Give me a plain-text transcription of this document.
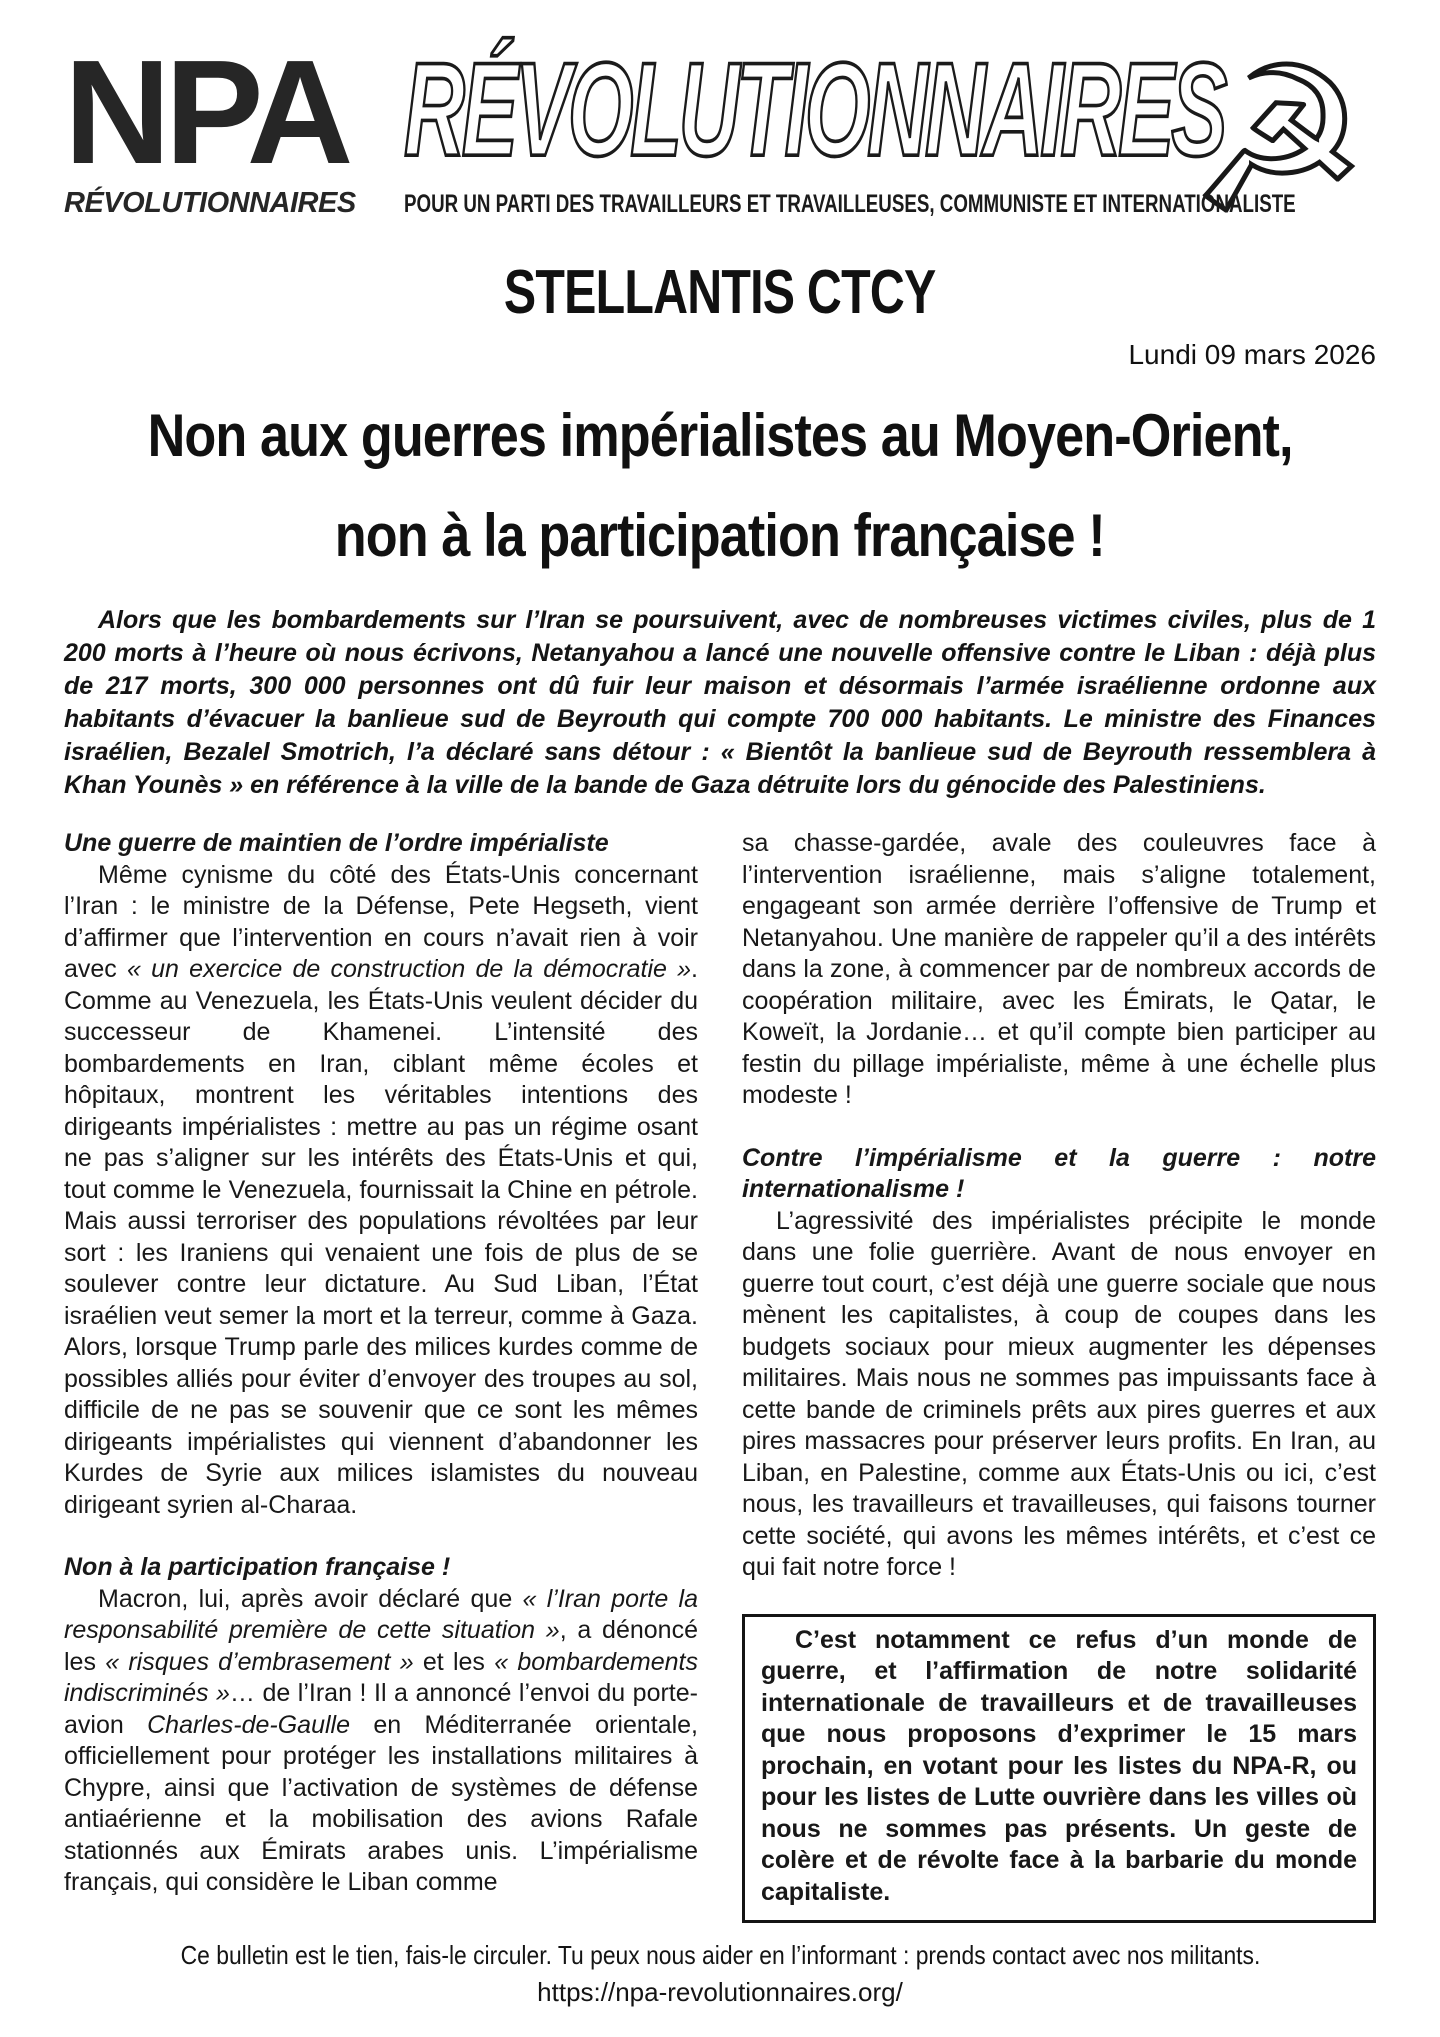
NPA
RÉVOLUTIONNAIRES
RÉVOLUTIONNAIRES
POUR UN PARTI DES TRAVAILLEURS ET TRAVAILLEUSES, COMMUNISTE ET INTERNATIONALISTE
☭
STELLANTIS CTCY
Lundi 09 mars 2026
Non aux guerres impérialistes au Moyen-Orient,
non à la participation française !

Alors que les bombardements sur l’Iran se poursuivent, avec de nombreuses victimes civiles, plus de 1 200 morts à l’heure où nous écrivons, Netanyahou a lancé une nouvelle offensive contre le Liban : déjà plus de 217 morts, 300 000 personnes ont dû fuir leur maison et désormais l’armée israélienne ordonne aux habitants d’évacuer la banlieue sud de Beyrouth qui compte 700 000 habitants. Le ministre des Finances israélien, Bezalel Smotrich, l’a déclaré sans détour : « Bientôt la banlieue sud de Beyrouth ressemblera à Khan Younès » en référence à la ville de la bande de Gaza détruite lors du génocide des Palestiniens.

Une guerre de maintien de l’ordre impérialiste

Même cynisme du côté des États-Unis concernant l’Iran : le ministre de la Défense, Pete Hegseth, vient d’affirmer que l’intervention en cours n’avait rien à voir avec « un exercice de construction de la démocratie ». Comme au Venezuela, les États-Unis veulent décider du successeur de Khamenei. L’intensité des bombardements en Iran, ciblant même écoles et hôpitaux, montrent les véritables intentions des dirigeants impérialistes : mettre au pas un régime osant ne pas s’aligner sur les intérêts des États-Unis et qui, tout comme le Venezuela, fournissait la Chine en pétrole. Mais aussi terroriser des populations révoltées par leur sort : les Iraniens qui venaient une fois de plus de se soulever contre leur dictature. Au Sud Liban, l’État israélien veut semer la mort et la terreur, comme à Gaza. Alors, lorsque Trump parle des milices kurdes comme de possibles alliés pour éviter d’envoyer des troupes au sol, difficile de ne pas se souvenir que ce sont les mêmes dirigeants impérialistes qui viennent d’abandonner les Kurdes de Syrie aux milices islamistes du nouveau dirigeant syrien al-Charaa.

Non à la participation française !

Macron, lui, après avoir déclaré que « l’Iran porte la responsabilité première de cette situation », a dénoncé les « risques d’embrasement » et les « bombardements indiscriminés »… de l’Iran ! Il a annoncé l’envoi du porte-avion Charles-de-Gaulle en Méditerranée orientale, officiellement pour protéger les installations militaires à Chypre, ainsi que l’activation de systèmes de défense antiaérienne et la mobilisation des avions Rafale stationnés aux Émirats arabes unis. L’impérialisme français, qui considère le Liban comme

sa chasse-gardée, avale des couleuvres face à l’intervention israélienne, mais s’aligne totalement, engageant son armée derrière l’offensive de Trump et Netanyahou. Une manière de rappeler qu’il a des intérêts dans la zone, à commencer par de nombreux accords de coopération militaire, avec les Émirats, le Qatar, le Koweït, la Jordanie… et qu’il compte bien participer au festin du pillage impérialiste, même à une échelle plus modeste !

Contre l’impérialisme et la guerre : notre internationalisme !

L’agressivité des impérialistes précipite le monde dans une folie guerrière. Avant de nous envoyer en guerre tout court, c’est déjà une guerre sociale que nous mènent les capitalistes, à coup de coupes dans les budgets sociaux pour mieux augmenter les dépenses militaires. Mais nous ne sommes pas impuissants face à cette bande de criminels prêts aux pires guerres et aux pires massacres pour préserver leurs profits. En Iran, au Liban, en Palestine, comme aux États-Unis ou ici, c’est nous, les travailleurs et travailleuses, qui faisons tourner cette société, qui avons les mêmes intérêts, et c’est ce qui fait notre force !

C’est notamment ce refus d’un monde de guerre, et l’affirmation de notre solidarité internationale de travailleurs et de travailleuses que nous proposons d’exprimer le 15 mars prochain, en votant pour les listes du NPA-R, ou pour les listes de Lutte ouvrière dans les villes où nous ne sommes pas présents. Un geste de colère et de révolte face à la barbarie du monde capitaliste.

Ce bulletin est le tien, fais-le circuler. Tu peux nous aider en l’informant : prends contact avec nos militants.
https://npa-revolutionnaires.org/
